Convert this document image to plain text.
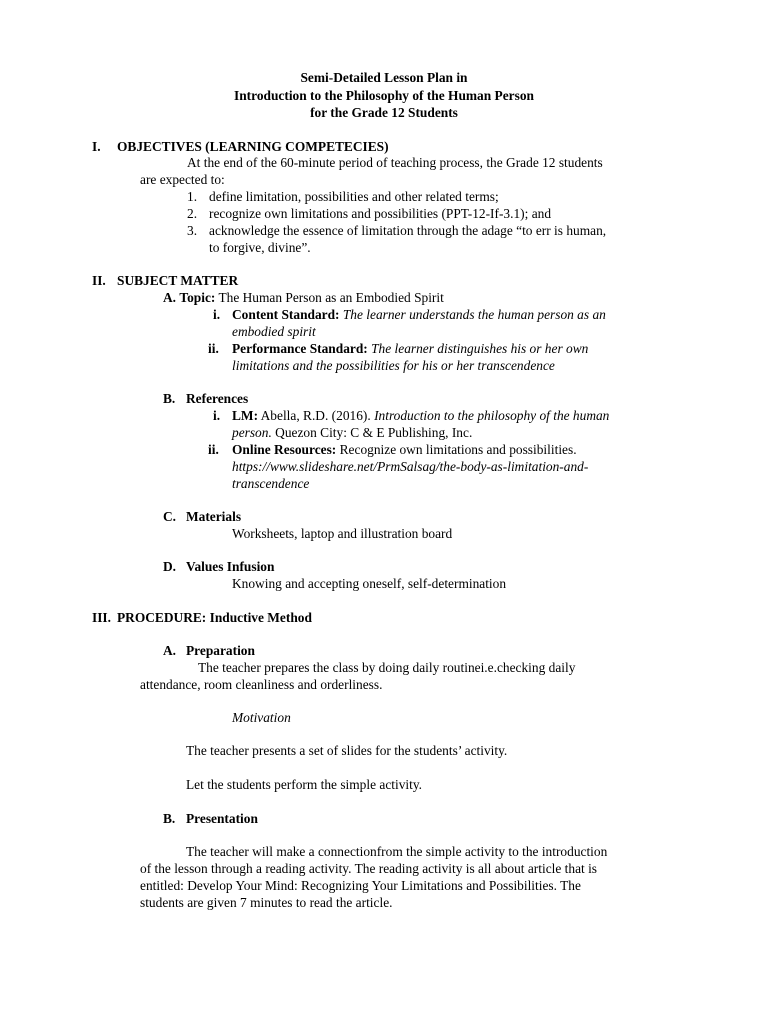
Semi-Detailed Lesson Plan in
Introduction to the Philosophy of the Human Person
for the Grade 12 Students
I. OBJECTIVES (LEARNING COMPETECIES)
At the end of the 60-minute period of teaching process, the Grade 12 students
are expected to:
1. define limitation, possibilities and other related terms;
2. recognize own limitations and possibilities (PPT-12-If-3.1); and
3. acknowledge the essence of limitation through the adage “to err is human,
to forgive, divine”.
II. SUBJECT MATTER
A. Topic: The Human Person as an Embodied Spirit
i. Content Standard: The learner understands the human person as an
embodied spirit
ii. Performance Standard: The learner distinguishes his or her own
limitations and the possibilities for his or her transcendence
B. References
i. LM: Abella, R.D. (2016). Introduction to the philosophy of the human
person. Quezon City: C & E Publishing, Inc.
ii. Online Resources: Recognize own limitations and possibilities.
https://www.slideshare.net/PrmSalsag/the-body-as-limitation-and-
transcendence
C. Materials
Worksheets, laptop and illustration board
D. Values Infusion
Knowing and accepting oneself, self-determination
III. PROCEDURE: Inductive Method
A. Preparation
The teacher prepares the class by doing daily routinei.e.checking daily
attendance, room cleanliness and orderliness.
Motivation
The teacher presents a set of slides for the students’ activity.
Let the students perform the simple activity.
B. Presentation
The teacher will make a connectionfrom the simple activity to the introduction
of the lesson through a reading activity. The reading activity is all about article that is
entitled: Develop Your Mind: Recognizing Your Limitations and Possibilities. The
students are given 7 minutes to read the article.
